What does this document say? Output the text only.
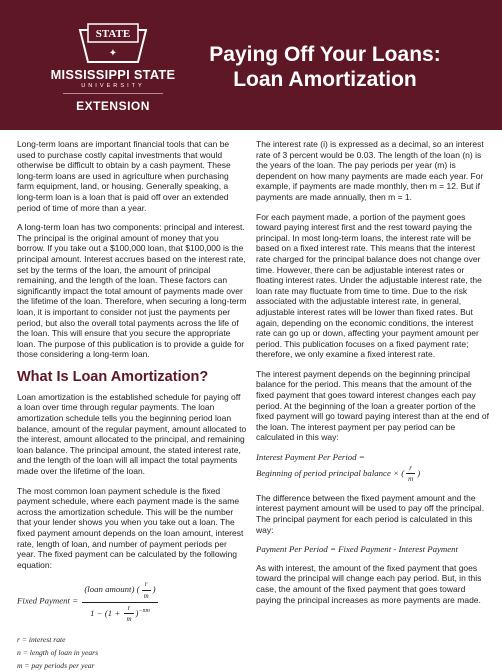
STATE
✦
MISSISSIPPI STATE
UNIVERSITY
EXTENSION
Paying Off Your Loans:
Loan Amortization

Long-term loans are important financial tools that can be used to purchase costly capital investments that would otherwise be difficult to obtain by a cash payment. These long-term loans are used in agriculture when purchasing farm equipment, land, or housing. Generally speaking, a long-term loan is a loan that is paid off over an extended period of time of more than a year.

A long-term loan has two components: principal and interest. The principal is the original amount of money that you borrow. If you take out a $100,000 loan, that $100,000 is the principal amount. Interest accrues based on the interest rate, set by the terms of the loan, the amount of principal remaining, and the length of the loan. These factors can significantly impact the total amount of payments made over the lifetime of the loan. Therefore, when securing a long-term loan, it is important to consider not just the payments per period, but also the overall total payments across the life of the loan. This will ensure that you secure the appropriate loan. The purpose of this publication is to provide a guide for those considering a long-term loan.

What Is Loan Amortization?

Loan amortization is the established schedule for paying off a loan over time through regular payments. The loan amortization schedule tells you the beginning period loan balance, amount of the regular payment, amount allocated to the interest, amount allocated to the principal, and remaining loan balance. The principal amount, the stated interest rate, and the length of the loan will all impact the total payments made over the lifetime of the loan.

The most common loan payment schedule is the fixed payment schedule, where each payment made is the same across the amortization schedule. This will be the number that your lender shows you when you take out a loan. The fixed payment amount depends on the loan amount, interest rate, length of loan, and number of payment periods per year. The fixed payment can be calculated by the following equation:

Fixed Payment = $\frac{(loan amount) ( \frac{r}{m} )}{1 - (1 + \frac{r}{m} )^{-nm}}$
r = interest rate
n = length of loan in years
m = pay periods per year

The interest rate (i) is expressed as a decimal, so an interest rate of 3 percent would be 0.03. The length of the loan (n) is the years of the loan. The pay periods per year (m) is dependent on how many payments are made each year. For example, if payments are made monthly, then m = 12. But if payments are made annually, then m = 1.

For each payment made, a portion of the payment goes toward paying interest first and the rest toward paying the principal. In most long-term loans, the interest rate will be based on a fixed interest rate. This means that the interest rate charged for the principal balance does not change over time. However, there can be adjustable interest rates or floating interest rates. Under the adjustable interest rate, the loan rate may fluctuate from time to time. Due to the risk associated with the adjustable interest rate, in general, adjustable interest rates will be lower than fixed rates. But again, depending on the economic conditions, the interest rate can go up or down, affecting your payment amount per period. This publication focuses on a fixed payment rate; therefore, we only examine a fixed interest rate.

The interest payment depends on the beginning principal balance for the period. This means that the amount of the fixed payment that goes toward interest changes each pay period. At the beginning of the loan a greater portion of the fixed payment will go toward paying interest than at the end of the loan. The interest payment per pay period can be calculated in this way:

Interest Payment Per Period =
Beginning of period principal balance × ( $\frac{r}{m}$ )

The difference between the fixed payment amount and the interest payment amount will be used to pay off the principal. The principal payment for each period is calculated in this way:

Payment Per Period = Fixed Payment - Interest Payment

As with interest, the amount of the fixed payment that goes toward the principal will change each pay period. But, in this case, the amount of the fixed payment that goes toward paying the principal increases as more payments are made.
